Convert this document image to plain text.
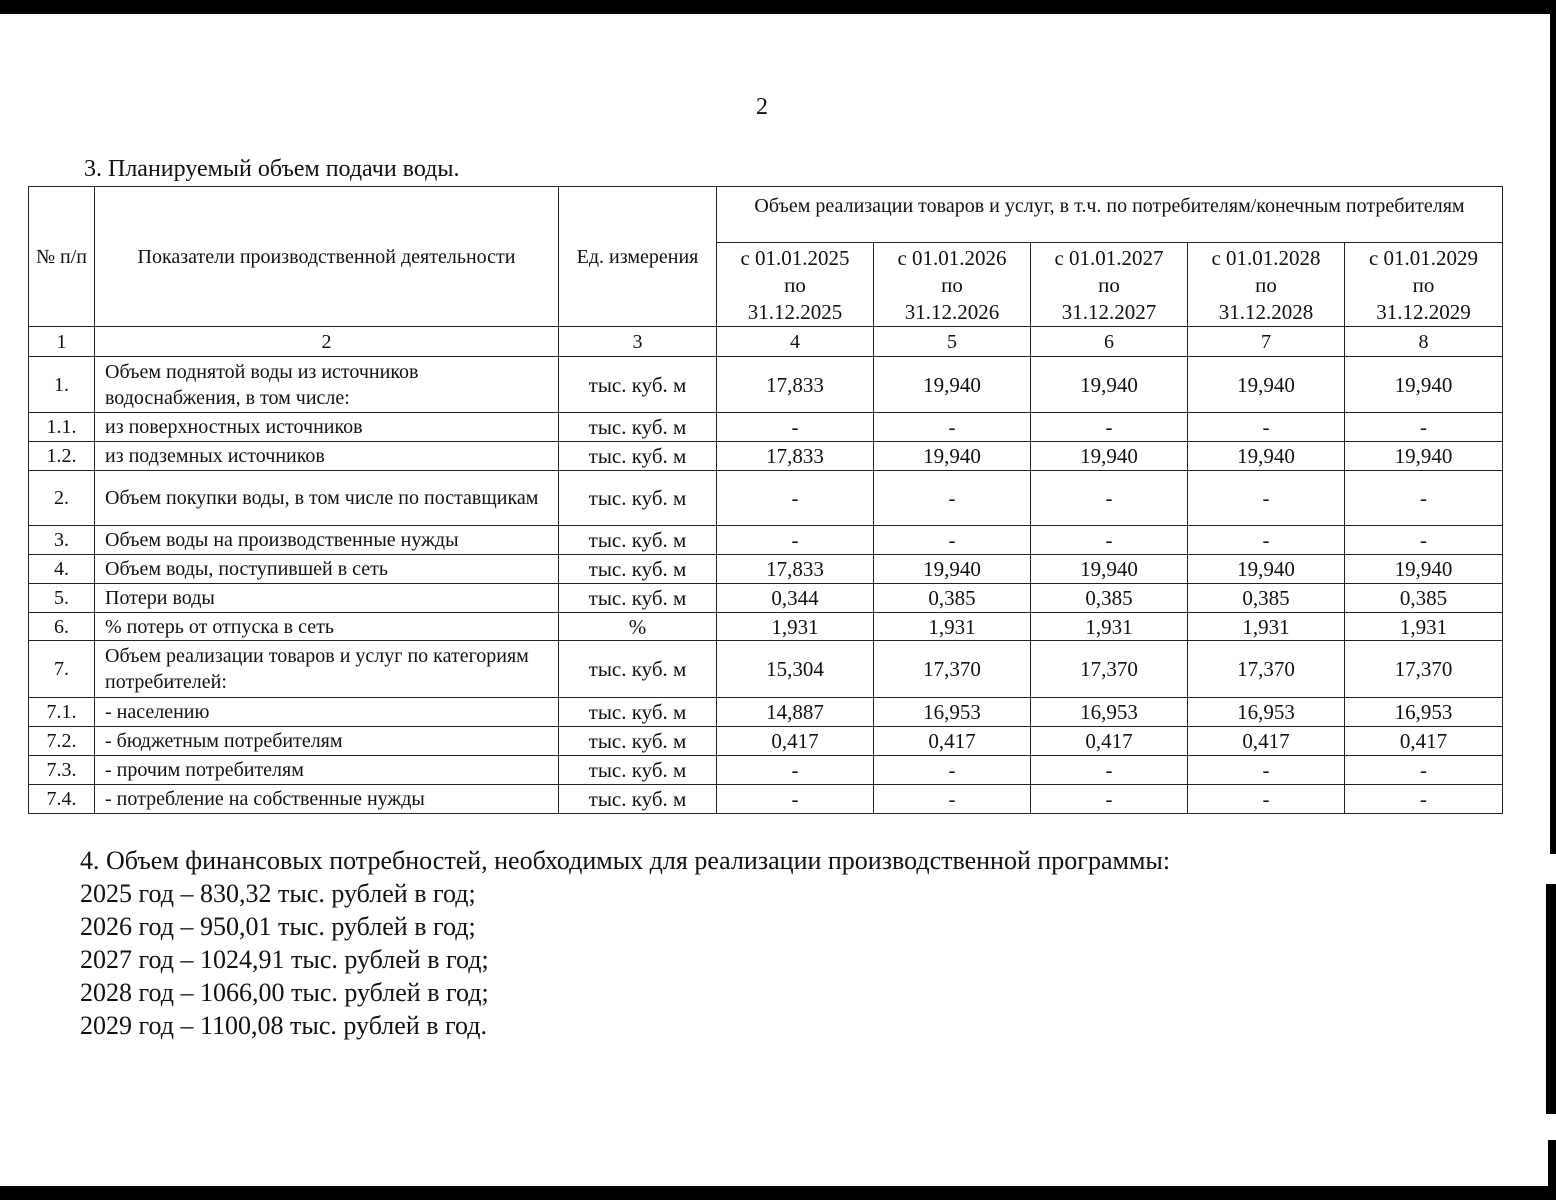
2
3. Планируемый объем подачи воды.
№ п/п	Показатели производственной деятельности	Ед. измерения	Объем реализации товаров и услуг, в т.ч. по потребителям/конечным потребителям				

			с 01.01.2025
по
31.12.2025	с 01.01.2026
по
31.12.2026	с 01.01.2027
по
31.12.2027	с 01.01.2028
по
31.12.2028	с 01.01.2029
по
31.12.2029

1	2	3	4	5	6	7	8
1.	Объем поднятой воды из источников водоснабжения, в том числе:	тыс. куб. м	17,833	19,940	19,940	19,940	19,940
1.1.	из поверхностных источников	тыс. куб. м	-	-	-	-	-
1.2.	из подземных источников	тыс. куб. м	17,833	19,940	19,940	19,940	19,940
2.	Объем покупки воды, в том числе по поставщикам	тыс. куб. м	-	-	-	-	-
3.	Объем воды на производственные нужды	тыс. куб. м	-	-	-	-	-
4.	Объем воды, поступившей в сеть	тыс. куб. м	17,833	19,940	19,940	19,940	19,940
5.	Потери воды	тыс. куб. м	0,344	0,385	0,385	0,385	0,385
6.	% потерь от отпуска в сеть	%	1,931	1,931	1,931	1,931	1,931
7.	Объем реализации товаров и услуг по категориям потребителей:	тыс. куб. м	15,304	17,370	17,370	17,370	17,370
7.1.	- населению	тыс. куб. м	14,887	16,953	16,953	16,953	16,953
7.2.	- бюджетным потребителям	тыс. куб. м	0,417	0,417	0,417	0,417	0,417
7.3.	- прочим потребителям	тыс. куб. м	-	-	-	-	-
7.4.	- потребление на собственные нужды	тыс. куб. м	-	-	-	-	-
4. Объем финансовых потребностей, необходимых для реализации производственной программы:
2025 год – 830,32 тыс. рублей в год;
2026 год – 950,01 тыс. рублей в год;
2027 год – 1024,91 тыс. рублей в год;
2028 год – 1066,00 тыс. рублей в год;
2029 год – 1100,08 тыс. рублей в год.
